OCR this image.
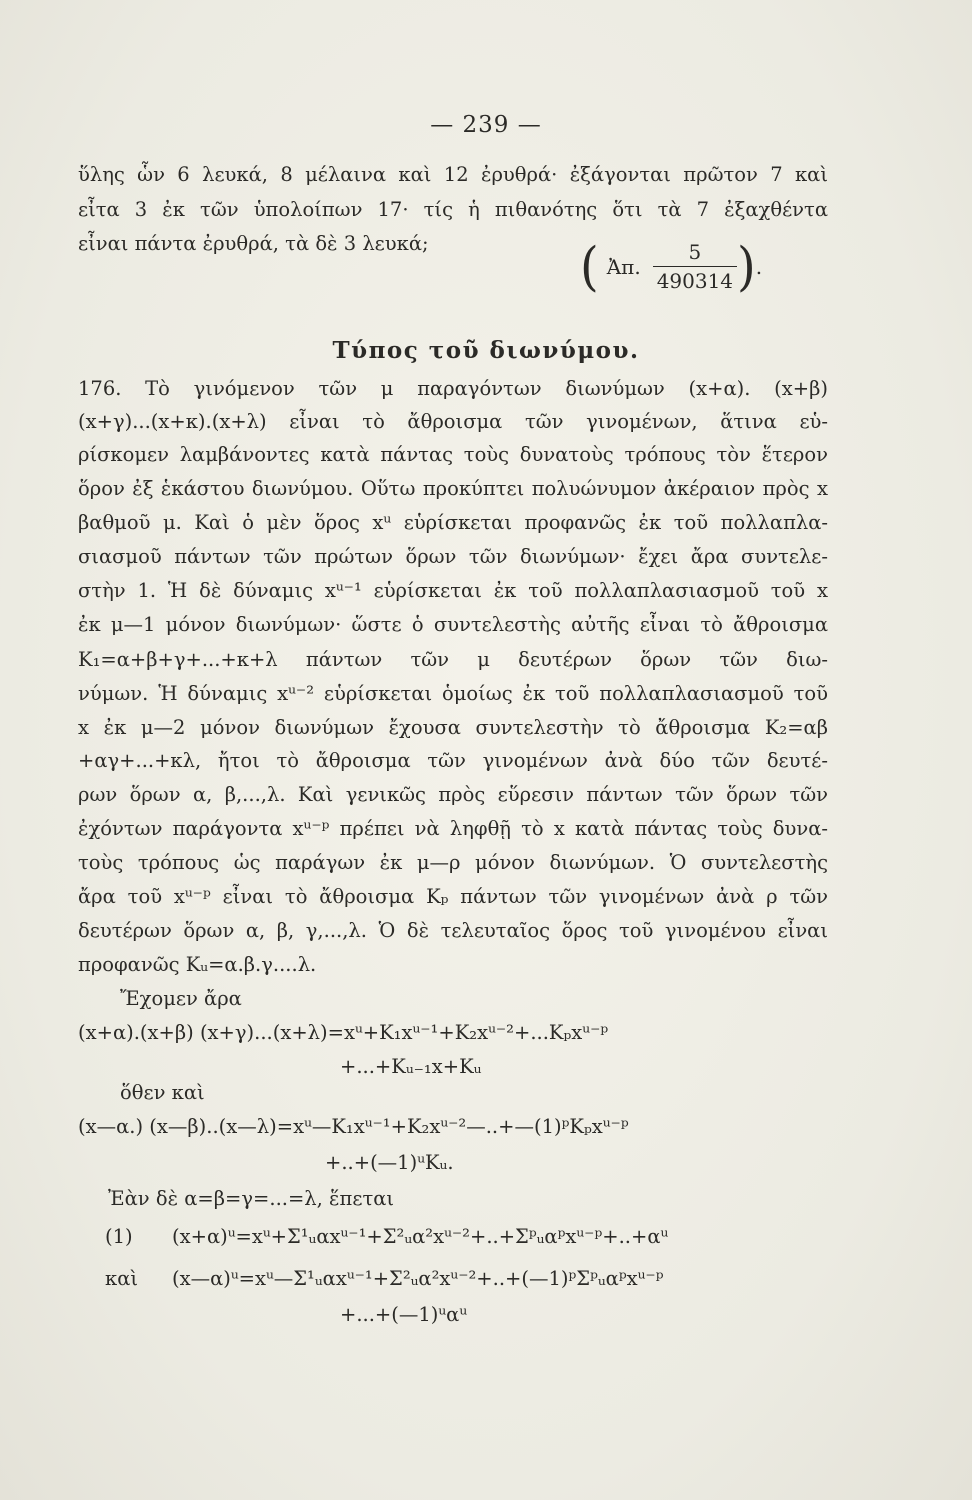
— 239 —
ὕλης ὧν 6 λευκά, 8 μέλαινα καὶ 12 ἐρυθρά· ἐξάγονται πρῶτον 7 καὶ
εἶτα 3 ἐκ τῶν ὑπολοίπων 17· τίς ἡ πιθανότης ὅτι τὰ 7 ἐξαχθέντα
εἶναι πάντα ἐρυθρά, τὰ δὲ 3 λευκά;	( Ἀπ. $\frac{5}{490314}$ ) .
Τύπος τοῦ διωνύμου.
176. Τὸ γινόμενον τῶν μ παραγόντων διωνύμων (x+α). (x+β)
(x+γ)...(x+κ).(x+λ) εἶναι τὸ ἄθροισμα τῶν γινομένων, ἅτινα εὑ-
ρίσκομεν λαμβάνοντες κατὰ πάντας τοὺς δυνατοὺς τρόπους τὸν ἕτερον
ὅρον ἐξ ἑκάστου διωνύμου. Οὕτω προκύπτει πολυώνυμον ἀκέραιον πρὸς x
βαθμοῦ μ. Καὶ ὁ μὲν ὅρος xᵘ εὑρίσκεται προφανῶς ἐκ τοῦ πολλαπλα-
σιασμοῦ πάντων τῶν πρώτων ὅρων τῶν διωνύμων· ἔχει ἄρα συντελε-
στὴν 1. Ἡ δὲ δύναμις xᵘ⁻¹ εὑρίσκεται ἐκ τοῦ πολλαπλασιασμοῦ τοῦ x
ἐκ μ—1 μόνον διωνύμων· ὥστε ὁ συντελεστὴς αὐτῆς εἶναι τὸ ἄθροισμα
K₁=α+β+γ+...+κ+λ πάντων τῶν μ δευτέρων ὅρων τῶν διω-
νύμων. Ἡ δύναμις xᵘ⁻² εὑρίσκεται ὁμοίως ἐκ τοῦ πολλαπλασιασμοῦ τοῦ
x ἐκ μ—2 μόνον διωνύμων ἔχουσα συντελεστὴν τὸ ἄθροισμα K₂=αβ
+αγ+...+κλ, ἤτοι τὸ ἄθροισμα τῶν γινομένων ἀνὰ δύο τῶν δευτέ-
ρων ὅρων α, β,...,λ. Καὶ γενικῶς πρὸς εὕρεσιν πάντων τῶν ὅρων τῶν
ἐχόντων παράγοντα xᵘ⁻ᵖ πρέπει νὰ ληφθῇ τὸ x κατὰ πάντας τοὺς δυνα-
τοὺς τρόπους ὡς παράγων ἐκ μ—ρ μόνον διωνύμων. Ὁ συντελεστὴς
ἄρα τοῦ xᵘ⁻ᵖ εἶναι τὸ ἄθροισμα Kₚ πάντων τῶν γινομένων ἀνὰ ρ τῶν
δευτέρων ὅρων α, β, γ,...,λ. Ὁ δὲ τελευταῖος ὅρος τοῦ γινομένου εἶναι
προφανῶς Kᵤ=α.β.γ....λ.
Ἔχομεν ἄρα
(x+α).(x+β) (x+γ)...(x+λ)=xᵘ+K₁xᵘ⁻¹+K₂xᵘ⁻²+...Kₚxᵘ⁻ᵖ
+...+Kᵤ₋₁x+Kᵤ
ὅθεν καὶ
(x—α.) (x—β)..(x—λ)=xᵘ—K₁xᵘ⁻¹+K₂xᵘ⁻²—..+—(1)ᵖKₚxᵘ⁻ᵖ
+..+(—1)ᵘKᵤ.
Ἐὰν δὲ α=β=γ=...=λ, ἕπεται
(1) (x+α)ᵘ=xᵘ+Σ¹ᵤαxᵘ⁻¹+Σ²ᵤα²xᵘ⁻²+..+Σᵖᵤαᵖxᵘ⁻ᵖ+..+αᵘ
καὶ (x—α)ᵘ=xᵘ—Σ¹ᵤαxᵘ⁻¹+Σ²ᵤα²xᵘ⁻²+..+(—1)ᵖΣᵖᵤαᵖxᵘ⁻ᵖ
+...+(—1)ᵘαᵘ
